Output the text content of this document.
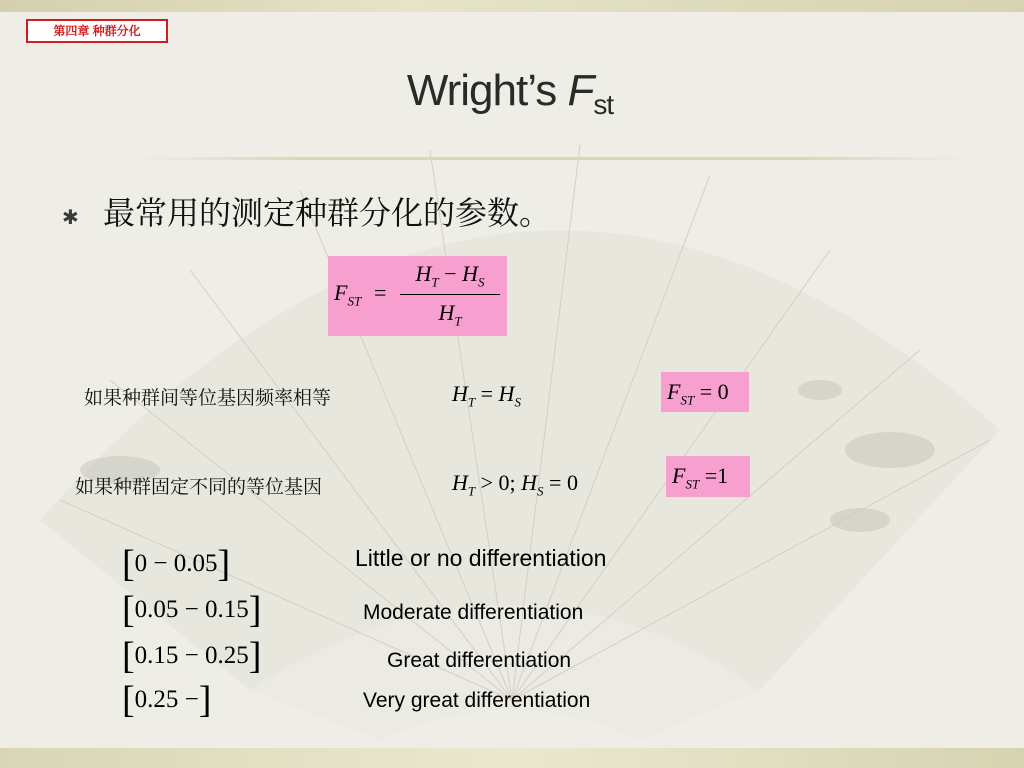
第四章 种群分化
Wright’s $F_{st}$
✱ 最常用的测定种群分化的参数。
$F_{ST}$ =
$H_T - H_S$
$H_T$
如果种群间等位基因频率相等	$H_T = H_S$	$F_{ST} = 0$
如果种群固定不同的等位基因	$H_T > 0$; $H_S = 0$	$F_{ST} =1$
[0 − 0.05]	Little or no differentiation
[0.05 − 0.15]	Moderate differentiation
[0.15 − 0.25]	Great differentiation
[0.25 −]	Very great differentiation
